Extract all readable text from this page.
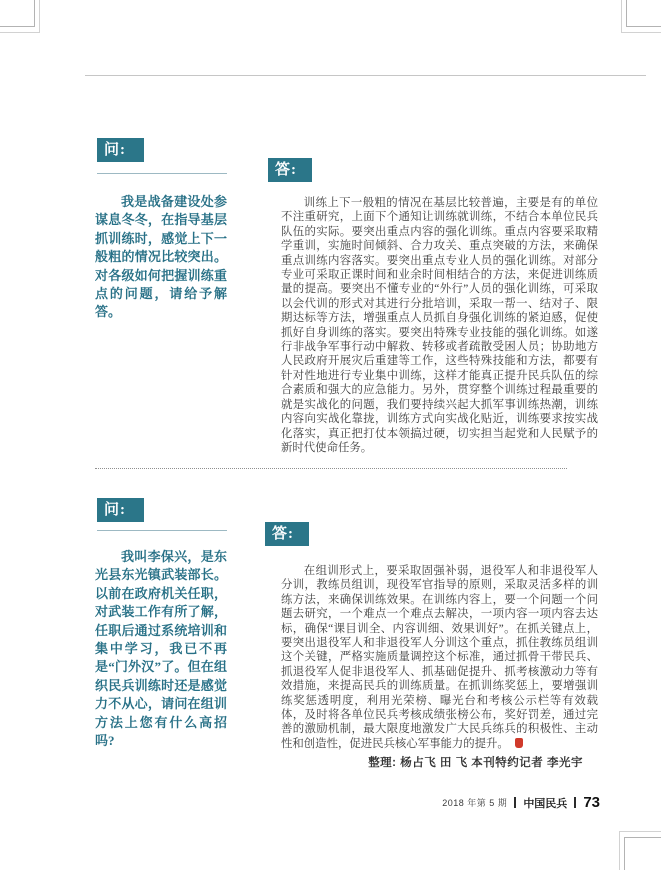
问:

我是战备建设处参谋息冬冬，在指导基层抓训练时，感觉上下一般粗的情况比较突出。对各级如何把握训练重点的问题，请给予解答。

答:

训练上下一般粗的情况在基层比较普遍，主要是有的单位不注重研究，上面下个通知让训练就训练，不结合本单位民兵队伍的实际。要突出重点内容的强化训练。重点内容要采取精学重训，实施时间倾斜、合力攻关、重点突破的方法，来确保重点训练内容落实。要突出重点专业人员的强化训练。对部分专业可采取正课时间和业余时间相结合的方法，来促进训练质量的提高。要突出不懂专业的“外行”人员的强化训练，可采取以会代训的形式对其进行分批培训，采取一帮一、结对子、限期达标等方法，增强重点人员抓自身强化训练的紧迫感，促使抓好自身训练的落实。要突出特殊专业技能的强化训练。如遂行非战争军事行动中解救、转移或者疏散受困人员；协助地方人民政府开展灾后重建等工作，这些特殊技能和方法，都要有针对性地进行专业集中训练，这样才能真正提升民兵队伍的综合素质和强大的应急能力。另外，贯穿整个训练过程最重要的就是实战化的问题，我们要持续兴起大抓军事训练热潮，训练内容向实战化靠拢，训练方式向实战化贴近，训练要求按实战化落实，真正把打仗本领搞过硬，切实担当起党和人民赋予的新时代使命任务。

问:

我叫李保兴，是东光县东光镇武装部长。以前在政府机关任职，对武装工作有所了解，任职后通过系统培训和集中学习，我已不再是“门外汉”了。但在组织民兵训练时还是感觉力不从心，请问在组训方法上您有什么高招吗?

答:

在组训形式上，要采取固强补弱，退役军人和非退役军人分训，教练员组训，现役军官指导的原则，采取灵活多样的训练方法，来确保训练效果。在训练内容上，要一个问题一个问题去研究，一个难点一个难点去解决，一项内容一项内容去达标，确保“课目训全、内容训细、效果训好”。在抓关键点上，要突出退役军人和非退役军人分训这个重点，抓住教练员组训这个关键，严格实施质量调控这个标准，通过抓骨干带民兵、抓退役军人促非退役军人、抓基础促提升、抓考核激动力等有效措施，来提高民兵的训练质量。在抓训练奖惩上，要增强训练奖惩透明度，利用光荣榜、曝光台和考核公示栏等有效载体，及时将各单位民兵考核成绩张榜公布，奖好罚差，通过完善的激励机制，最大限度地激发广大民兵练兵的积极性、主动性和创造性，促进民兵核心军事能力的提升。

整理: 杨占飞 田 飞 本刊特约记者 李光宇
2018 年第 5 期 中国民兵 73
